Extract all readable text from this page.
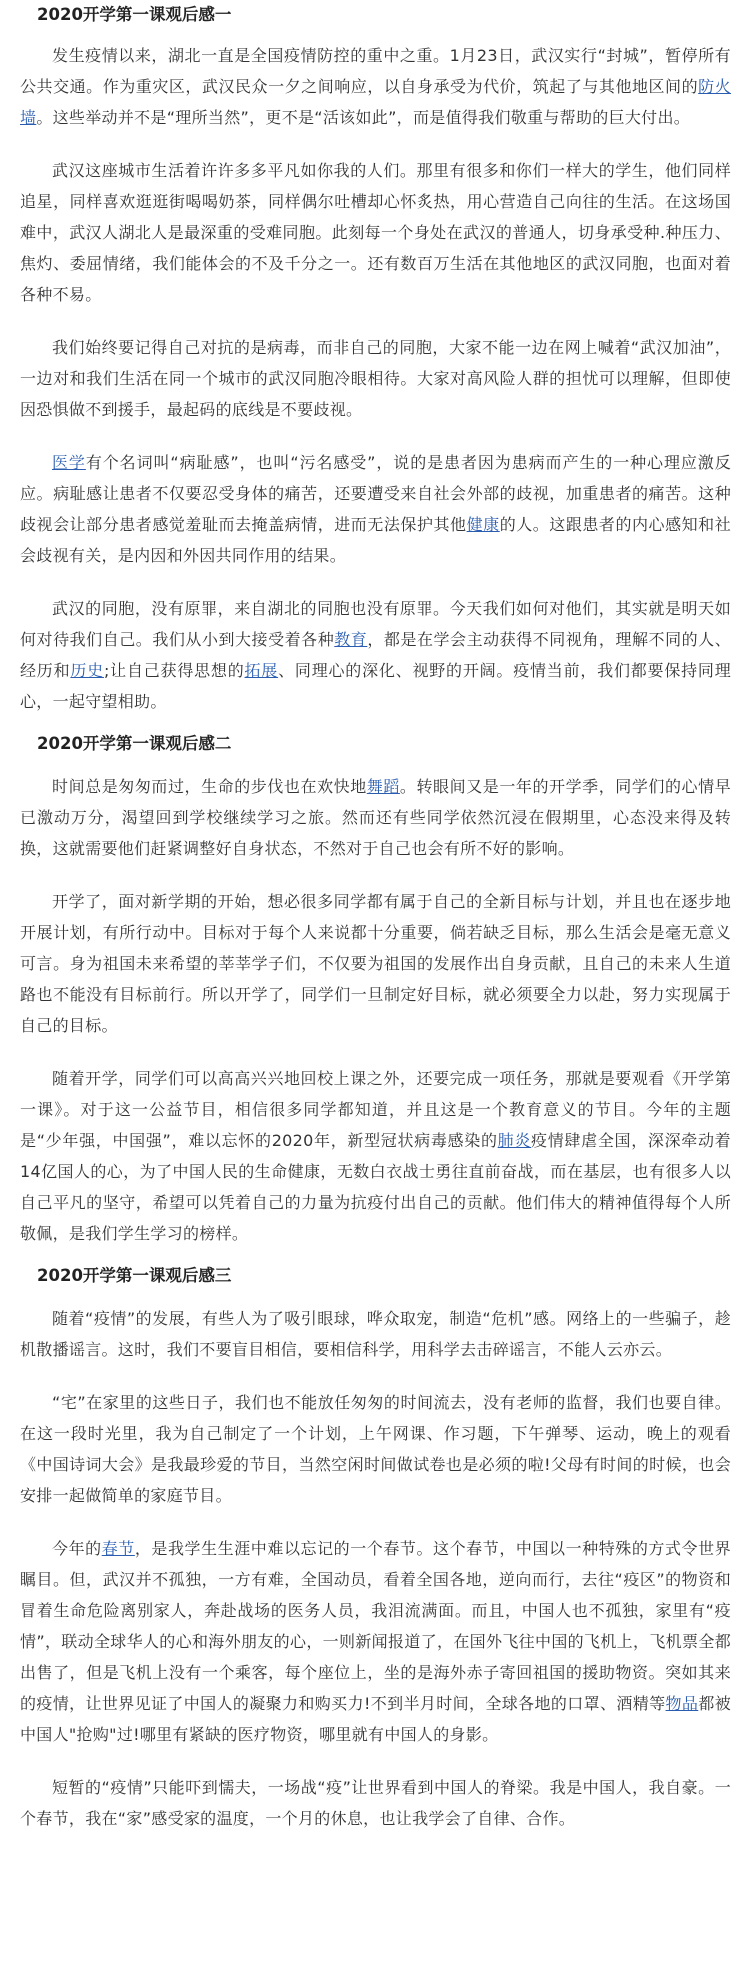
2020开学第一课观后感一

发生疫情以来，湖北一直是全国疫情防控的重中之重。1月23日，武汉实行“封城”，暂停所有公共交通。作为重灾区，武汉民众一夕之间响应，以自身承受为代价，筑起了与其他地区间的防火墙。这些举动并不是“理所当然”，更不是“活该如此”，而是值得我们敬重与帮助的巨大付出。

武汉这座城市生活着许许多多平凡如你我的人们。那里有很多和你们一样大的学生，他们同样追星，同样喜欢逛逛街喝喝奶茶，同样偶尔吐槽却心怀炙热，用心营造自己向往的生活。在这场国难中，武汉人湖北人是最深重的受难同胞。此刻每一个身处在武汉的普通人，切身承受种.种压力、焦灼、委屈情绪，我们能体会的不及千分之一。还有数百万生活在其他地区的武汉同胞，也面对着各种不易。

我们始终要记得自己对抗的是病毒，而非自己的同胞，大家不能一边在网上喊着“武汉加油”，一边对和我们生活在同一个城市的武汉同胞冷眼相待。大家对高风险人群的担忧可以理解，但即使因恐惧做不到援手，最起码的底线是不要歧视。

医学有个名词叫“病耻感”，也叫“污名感受”，说的是患者因为患病而产生的一种心理应激反应。病耻感让患者不仅要忍受身体的痛苦，还要遭受来自社会外部的歧视，加重患者的痛苦。这种歧视会让部分患者感觉羞耻而去掩盖病情，进而无法保护其他健康的人。这跟患者的内心感知和社会歧视有关，是内因和外因共同作用的结果。

武汉的同胞，没有原罪，来自湖北的同胞也没有原罪。今天我们如何对他们，其实就是明天如何对待我们自己。我们从小到大接受着各种教育，都是在学会主动获得不同视角，理解不同的人、经历和历史;让自己获得思想的拓展、同理心的深化、视野的开阔。疫情当前，我们都要保持同理心，一起守望相助。

2020开学第一课观后感二

时间总是匆匆而过，生命的步伐也在欢快地舞蹈。转眼间又是一年的开学季，同学们的心情早已激动万分，渴望回到学校继续学习之旅。然而还有些同学依然沉浸在假期里，心态没来得及转换，这就需要他们赶紧调整好自身状态，不然对于自己也会有所不好的影响。

开学了，面对新学期的开始，想必很多同学都有属于自己的全新目标与计划，并且也在逐步地开展计划，有所行动中。目标对于每个人来说都十分重要，倘若缺乏目标，那么生活会是毫无意义可言。身为祖国未来希望的莘莘学子们，不仅要为祖国的发展作出自身贡献，且自己的未来人生道路也不能没有目标前行。所以开学了，同学们一旦制定好目标，就必须要全力以赴，努力实现属于自己的目标。

随着开学，同学们可以高高兴兴地回校上课之外，还要完成一项任务，那就是要观看《开学第一课》。对于这一公益节目，相信很多同学都知道，并且这是一个教育意义的节目。今年的主题是“少年强，中国强”，难以忘怀的2020年，新型冠状病毒感染的肺炎疫情肆虐全国，深深牵动着14亿国人的心，为了中国人民的生命健康，无数白衣战士勇往直前奋战，而在基层，也有很多人以自己平凡的坚守，希望可以凭着自己的力量为抗疫付出自己的贡献。他们伟大的精神值得每个人所敬佩，是我们学生学习的榜样。

2020开学第一课观后感三

随着“疫情”的发展，有些人为了吸引眼球，哗众取宠，制造“危机”感。网络上的一些骗子，趁机散播谣言。这时，我们不要盲目相信，要相信科学，用科学去击碎谣言，不能人云亦云。

“宅”在家里的这些日子，我们也不能放任匆匆的时间流去，没有老师的监督，我们也要自律。在这一段时光里，我为自己制定了一个计划，上午网课、作习题，下午弹琴、运动，晚上的观看《中国诗词大会》是我最珍爱的节目，当然空闲时间做试卷也是必须的啦!父母有时间的时候，也会安排一起做简单的家庭节目。

今年的春节，是我学生生涯中难以忘记的一个春节。这个春节，中国以一种特殊的方式令世界瞩目。但，武汉并不孤独，一方有难，全国动员，看着全国各地，逆向而行，去往“疫区”的物资和冒着生命危险离别家人，奔赴战场的医务人员，我泪流满面。而且，中国人也不孤独，家里有“疫情”，联动全球华人的心和海外朋友的心，一则新闻报道了，在国外飞往中国的飞机上，飞机票全都出售了，但是飞机上没有一个乘客，每个座位上，坐的是海外赤子寄回祖国的援助物资。突如其来的疫情，让世界见证了中国人的凝聚力和购买力!不到半月时间，全球各地的口罩、酒精等物品都被中国人"抢购"过!哪里有紧缺的医疗物资，哪里就有中国人的身影。

短暂的“疫情”只能吓到懦夫，一场战“疫”让世界看到中国人的脊梁。我是中国人，我自豪。一个春节，我在“家”感受家的温度，一个月的休息，也让我学会了自律、合作。
